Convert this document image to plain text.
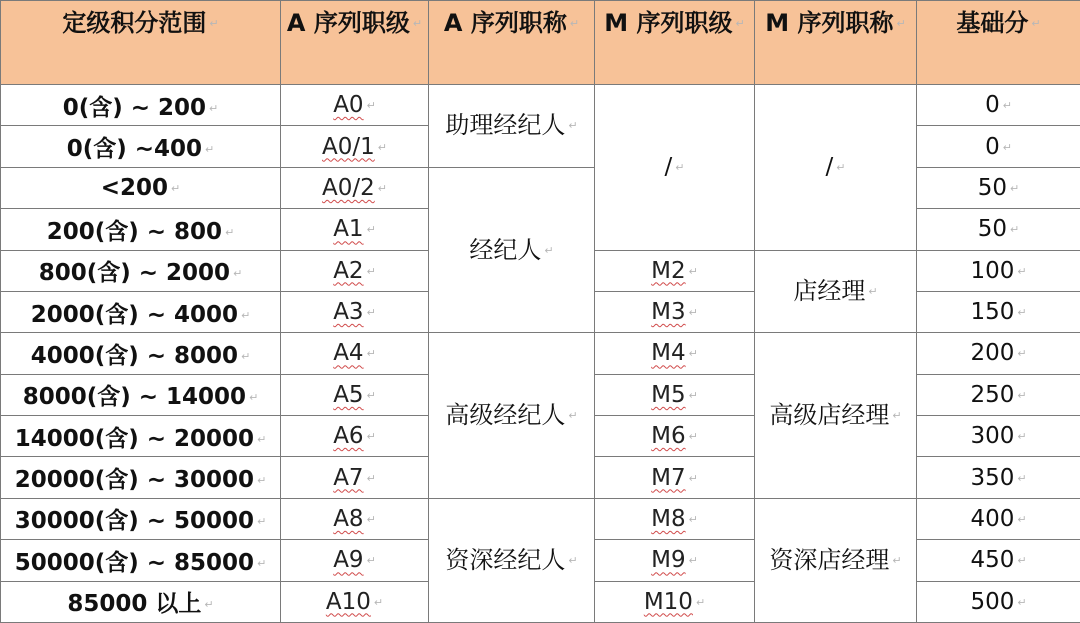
定级积分范围 ↵	A 序列职级 ↵	A 序列职称 ↵	M 序列职级 ↵	M 序列职称 ↵	基础分 ↵
0(含) ~ 200 ↵	A0 ↵	助理经纪人 ↵	/ ↵	/ ↵	0 ↵
0(含) ~400 ↵	A0/1 ↵				0 ↵
<200 ↵	A0/2 ↵	经纪人 ↵			50 ↵
200(含) ~ 800 ↵	A1 ↵				50 ↵
800(含) ~ 2000 ↵	A2 ↵		M2 ↵	店经理 ↵	100 ↵
2000(含) ~ 4000 ↵	A3 ↵		M3 ↵		150 ↵
4000(含) ~ 8000 ↵	A4 ↵	高级经纪人 ↵	M4 ↵	高级店经理 ↵	200 ↵
8000(含) ~ 14000 ↵	A5 ↵		M5 ↵		250 ↵
14000(含) ~ 20000 ↵	A6 ↵		M6 ↵		300 ↵
20000(含) ~ 30000 ↵	A7 ↵		M7 ↵		350 ↵
30000(含) ~ 50000 ↵	A8 ↵	资深经纪人 ↵	M8 ↵	资深店经理 ↵	400 ↵
50000(含) ~ 85000 ↵	A9 ↵		M9 ↵		450 ↵
85000 以上 ↵	A10 ↵		M10 ↵		500 ↵
